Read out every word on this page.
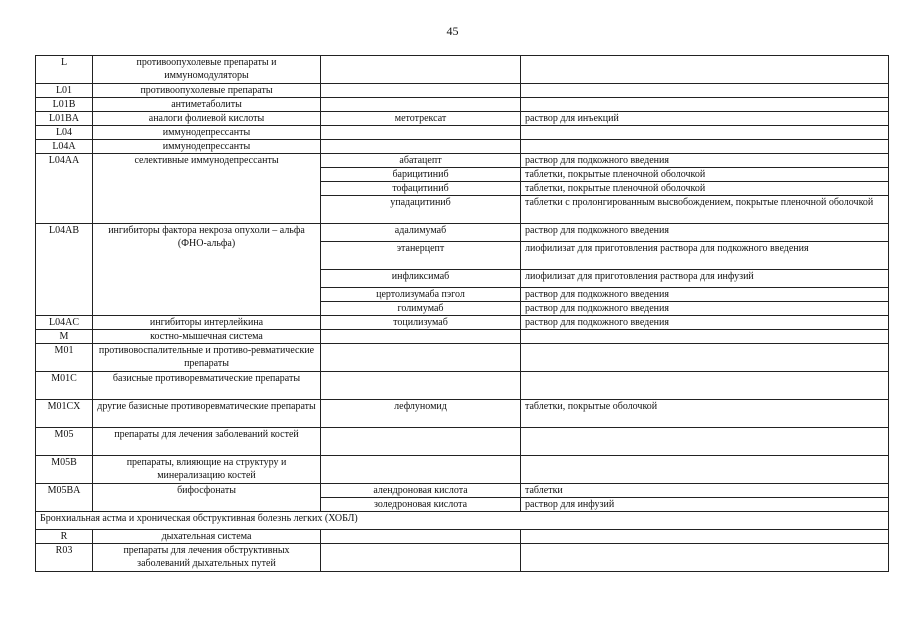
45
L	противоопухолевые препараты и иммуномодуляторы		
L01	противоопухолевые препараты		
L01B	антиметаболиты		
L01BA	аналоги фолиевой кислоты	метотрексат	раствор для инъекций
L04	иммунодепрессанты		
L04A	иммунодепрессанты		
L04AA	селективные иммунодепрессанты	абатацепт	раствор для подкожного введения
		барицитиниб	таблетки, покрытые пленочной оболочкой
		тофацитиниб	таблетки, покрытые пленочной оболочкой
		упадацитиниб	таблетки с пролонгированным высвобождением, покрытые пленочной оболочкой
L04AB	ингибиторы фактора некроза опухоли – альфа (ФНО-альфа)	адалимумаб	раствор для подкожного введения
		этанерцепт	лиофилизат для приготовления раствора для подкожного введения
		инфликсимаб	лиофилизат для приготовления раствора для инфузий
		цертолизумаба пэгол	раствор для подкожного введения
		голимумаб	раствор для подкожного введения
L04AC	ингибиторы интерлейкина	тоцилизумаб	раствор для подкожного введения
M	костно-мышечная система		
M01	противовоспалительные и противо-ревматические препараты		
M01C	базисные противоревматические препараты		
M01CX	другие базисные противоревматические препараты	лефлуномид	таблетки, покрытые оболочкой
M05	препараты для лечения заболеваний костей		
M05B	препараты, влияющие на структуру и минерализацию костей		
M05BA	бифосфонаты	алендроновая кислота	таблетки
		золедроновая кислота	раствор для инфузий
Бронхиальная астма и хроническая обструктивная болезнь легких (ХОБЛ)			
R	дыхательная система		
R03	препараты для лечения обструктивных заболеваний дыхательных путей		
